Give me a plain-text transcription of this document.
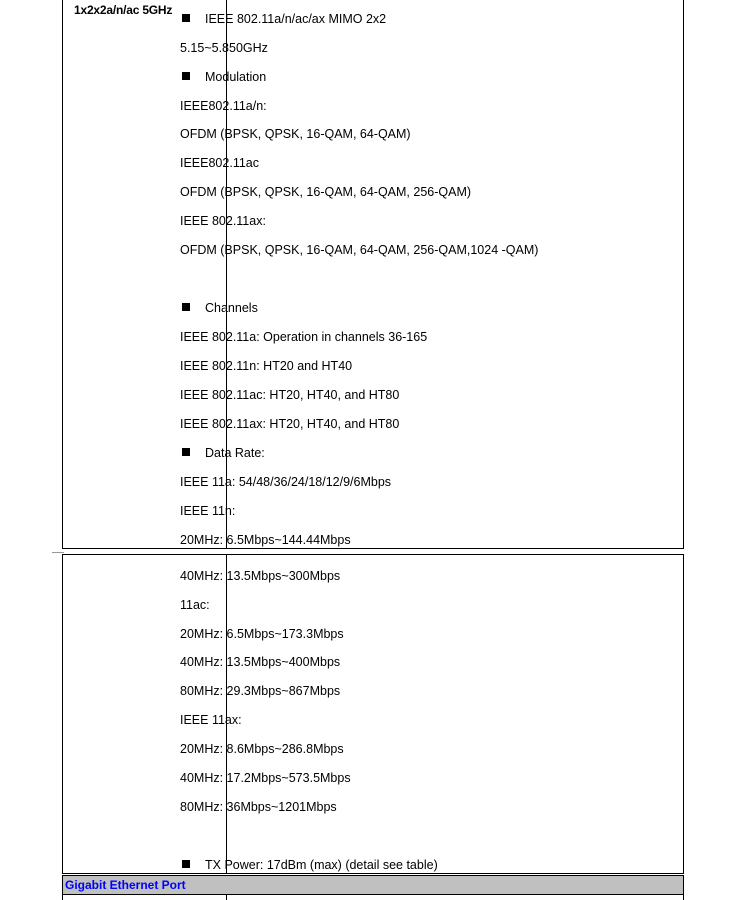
1x2x2a/n/ac 5GHz
Gigabit Ethernet Port
IEEE 802.11a/n/ac/ax MIMO 2x2
5.15~5.850GHz
Modulation
IEEE802.11a/n:
OFDM (BPSK, QPSK, 16-QAM, 64-QAM)
IEEE802.11ac
OFDM (BPSK, QPSK, 16-QAM, 64-QAM, 256-QAM)
IEEE 802.11ax:
OFDM (BPSK, QPSK, 16-QAM, 64-QAM, 256-QAM,1024 -QAM)
Channels
IEEE 802.11a: Operation in channels 36-165
IEEE 802.11n: HT20 and HT40
IEEE 802.11ac: HT20, HT40, and HT80
IEEE 802.11ax: HT20, HT40, and HT80
Data Rate:
IEEE 11a: 54/48/36/24/18/12/9/6Mbps
IEEE 11n:
20MHz: 6.5Mbps~144.44Mbps
40MHz: 13.5Mbps~300Mbps
11ac:
20MHz: 6.5Mbps~173.3Mbps
40MHz: 13.5Mbps~400Mbps
80MHz: 29.3Mbps~867Mbps
IEEE 11ax:
20MHz: 8.6Mbps~286.8Mbps
40MHz: 17.2Mbps~573.5Mbps
80MHz: 36Mbps~1201Mbps
TX Power: 17dBm (max) (detail see table)
